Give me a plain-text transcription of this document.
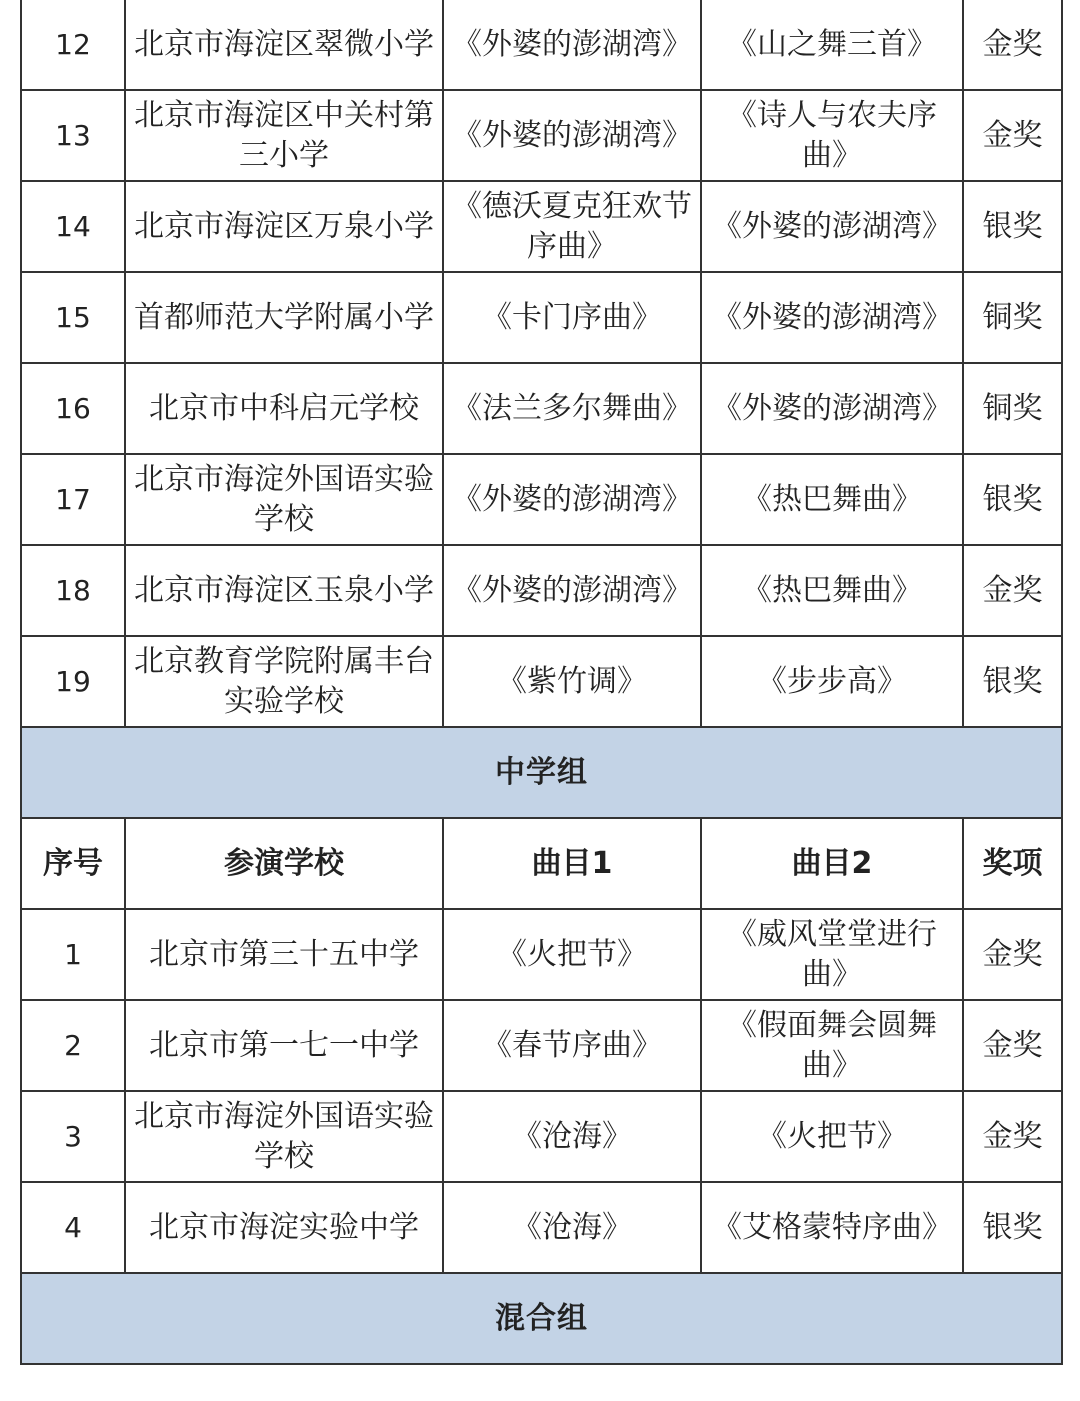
12	北京市海淀区翠微小学	《外婆的澎湖湾》	《山之舞三首》	金奖
13	北京市海淀区中关村第三小学	《外婆的澎湖湾》	《诗人与农夫序曲》	金奖
14	北京市海淀区万泉小学	《德沃夏克狂欢节序曲》	《外婆的澎湖湾》	银奖
15	首都师范大学附属小学	《卡门序曲》	《外婆的澎湖湾》	铜奖
16	北京市中科启元学校	《法兰多尔舞曲》	《外婆的澎湖湾》	铜奖
17	北京市海淀外国语实验学校	《外婆的澎湖湾》	《热巴舞曲》	银奖
18	北京市海淀区玉泉小学	《外婆的澎湖湾》	《热巴舞曲》	金奖
19	北京教育学院附属丰台实验学校	《紫竹调》	《步步高》	银奖
中学组				
序号	参演学校	曲目1	曲目2	奖项
1	北京市第三十五中学	《火把节》	《威风堂堂进行曲》	金奖
2	北京市第一七一中学	《春节序曲》	《假面舞会圆舞曲》	金奖
3	北京市海淀外国语实验学校	《沧海》	《火把节》	金奖
4	北京市海淀实验中学	《沧海》	《艾格蒙特序曲》	银奖
混合组				
